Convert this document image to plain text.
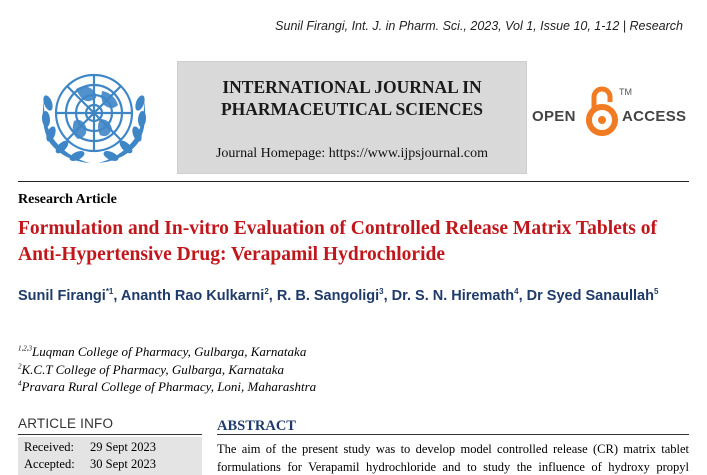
Sunil Firangi, Int. J. in Pharm. Sci., 2023, Vol 1, Issue 10, 1-12 | Research
INTERNATIONAL JOURNAL IN
PHARMACEUTICAL SCIENCES
Journal Homepage: https://www.ijpsjournal.com
OPEN
TM
ACCESS
Research Article
Formulation and In-vitro Evaluation of Controlled Release Matrix Tablets of Anti-Hypertensive Drug: Verapamil Hydrochloride
Sunil Firangi$^{*1}$, Ananth Rao Kulkarni$^2$, R. B. Sangoligi$^3$, Dr. S. N. Hiremath$^4$, Dr Syed Sanaullah$^5$
$^{1,2,3}$Luqman College of Pharmacy, Gulbarga, Karnataka
$^2$K.C.T College of Pharmacy, Gulbarga, Karnataka
$^4$Pravara Rural College of Pharmacy, Loni, Maharashtra
ARTICLE INFO
Received: 29 Sept 2023
Accepted: 30 Sept 2023
ABSTRACT
The aim of the present study was to develop model controlled release (CR) matrix tablet
formulations for Verapamil hydrochloride and to study the influence of hydroxy propyl
